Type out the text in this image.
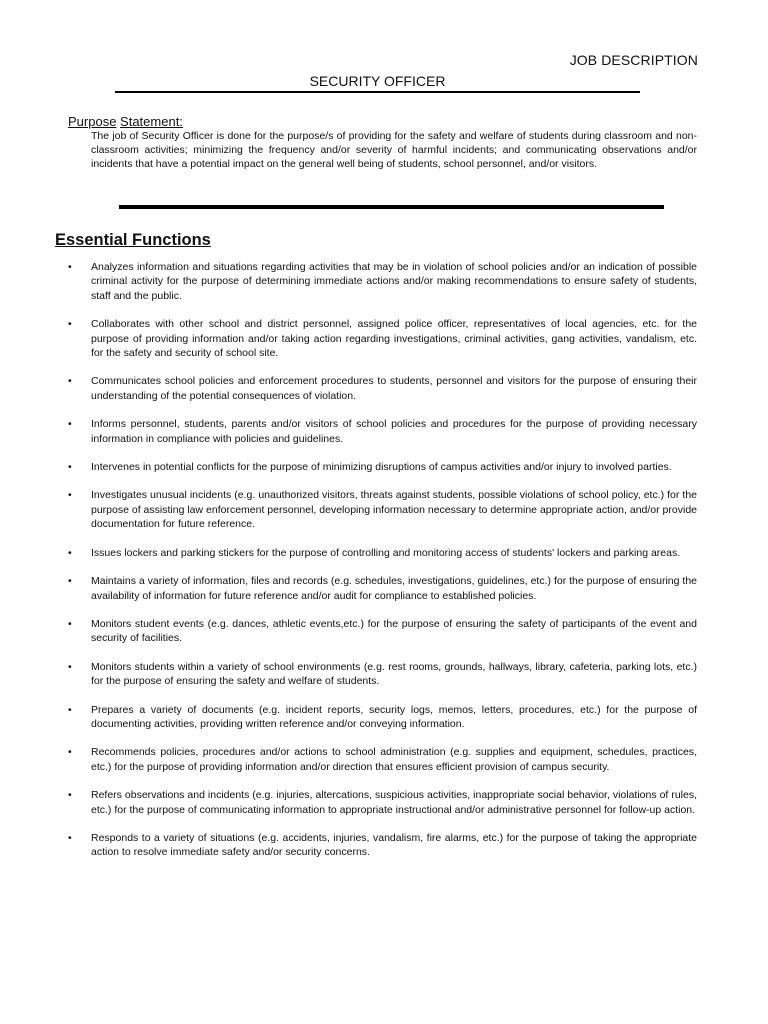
JOB DESCRIPTION
SECURITY OFFICER
Purpose Statement:
The job of Security Officer is done for the purpose/s of providing for the safety and welfare of students during classroom and non-classroom activities; minimizing the frequency and/or severity of harmful incidents; and communicating observations and/or incidents that have a potential impact on the general well being of students, school personnel, and/or visitors.
Essential Functions
• Analyzes information and situations regarding activities that may be in violation of school policies and/or an indication of possible criminal activity for the purpose of determining immediate actions and/or making recommendations to ensure safety of students, staff and the public.
• Collaborates with other school and district personnel, assigned police officer, representatives of local agencies, etc. for the purpose of providing information and/or taking action regarding investigations, criminal activities, gang activities, vandalism, etc. for the safety and security of school site.
• Communicates school policies and enforcement procedures to students, personnel and visitors for the purpose of ensuring their understanding of the potential consequences of violation.
• Informs personnel, students, parents and/or visitors of school policies and procedures for the purpose of providing necessary information in compliance with policies and guidelines.
• Intervenes in potential conflicts for the purpose of minimizing disruptions of campus activities and/or injury to involved parties.
• Investigates unusual incidents (e.g. unauthorized visitors, threats against students, possible violations of school policy, etc.) for the purpose of assisting law enforcement personnel, developing information necessary to determine appropriate action, and/or provide documentation for future reference.
• Issues lockers and parking stickers for the purpose of controlling and monitoring access of students' lockers and parking areas.
• Maintains a variety of information, files and records (e.g. schedules, investigations, guidelines, etc.) for the purpose of ensuring the availability of information for future reference and/or audit for compliance to established policies.
• Monitors student events (e.g. dances, athletic events,etc.) for the purpose of ensuring the safety of participants of the event and security of facilities.
• Monitors students within a variety of school environments (e.g. rest rooms, grounds, hallways, library, cafeteria, parking lots, etc.) for the purpose of ensuring the safety and welfare of students.
• Prepares a variety of documents (e.g. incident reports, security logs, memos, letters, procedures, etc.) for the purpose of documenting activities, providing written reference and/or conveying information.
• Recommends policies, procedures and/or actions to school administration (e.g. supplies and equipment, schedules, practices, etc.) for the purpose of providing information and/or direction that ensures efficient provision of campus security.
• Refers observations and incidents (e.g. injuries, altercations, suspicious activities, inappropriate social behavior, violations of rules, etc.) for the purpose of communicating information to appropriate instructional and/or administrative personnel for follow-up action.
• Responds to a variety of situations (e.g. accidents, injuries, vandalism, fire alarms, etc.) for the purpose of taking the appropriate action to resolve immediate safety and/or security concerns.
